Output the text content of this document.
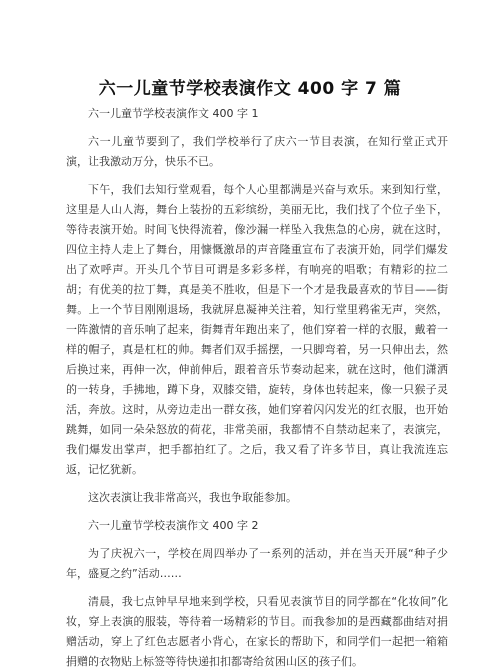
六一儿童节学校表演作文 400 字 7 篇

六一儿童节学校表演作文 400 字 1

六一儿童节要到了，我们学校举行了庆六一节目表演，在知行堂正式开演，让我激动万分，快乐不已。

下午，我们去知行堂观看，每个人心里都满是兴奋与欢乐。来到知行堂，这里是人山人海，舞台上装扮的五彩缤纷，美丽无比，我们找了个位子坐下，等待表演开始。时间飞快得流着，像沙漏一样坠入我焦急的心房，就在这时，四位主持人走上了舞台，用慷慨激昂的声音隆重宣布了表演开始，同学们爆发出了欢呼声。开头几个节目可谓是多彩多样，有响亮的唱歌；有精彩的拉二胡；有优美的拉丁舞，真是美不胜收，但是下一个才是我最喜欢的节目——街舞。上一个节目刚刚退场，我就屏息凝神关注着，知行堂里鸦雀无声，突然，一阵激情的音乐响了起来，街舞青年跑出来了，他们穿着一样的衣服，戴着一样的帽子，真是杠杠的帅。舞者们双手摇摆，一只脚弯着，另一只伸出去，然后换过来，再伸一次，伸前伸后，跟着音乐节奏动起来，就在这时，他们潇洒的一转身，手拂地，蹲下身，双膝交错，旋转，身体也转起来，像一只猴子灵活，奔放。这时，从旁边走出一群女孩，她们穿着闪闪发光的红衣服，也开始跳舞，如同一朵朵怒放的荷花，非常美丽，我都情不自禁动起来了，表演完，我们爆发出掌声，把手都拍红了。之后，我又看了许多节目，真让我流连忘返，记忆犹新。

这次表演让我非常高兴，我也争取能参加。

六一儿童节学校表演作文 400 字 2

为了庆祝六一，学校在周四举办了一系列的活动，并在当天开展“种子少年，盛夏之约”活动……

清晨，我七点钟早早地来到学校，只看见表演节目的同学都在“化妆间”化妆，穿上表演的服装，等待着一场精彩的节目。而我参加的是西藏都曲结对捐赠活动，穿上了红色志愿者小背心，在家长的帮助下，和同学们一起把一箱箱捐赠的衣物贴上标签等待快递扣扣都寄给贫困山区的孩子们。
